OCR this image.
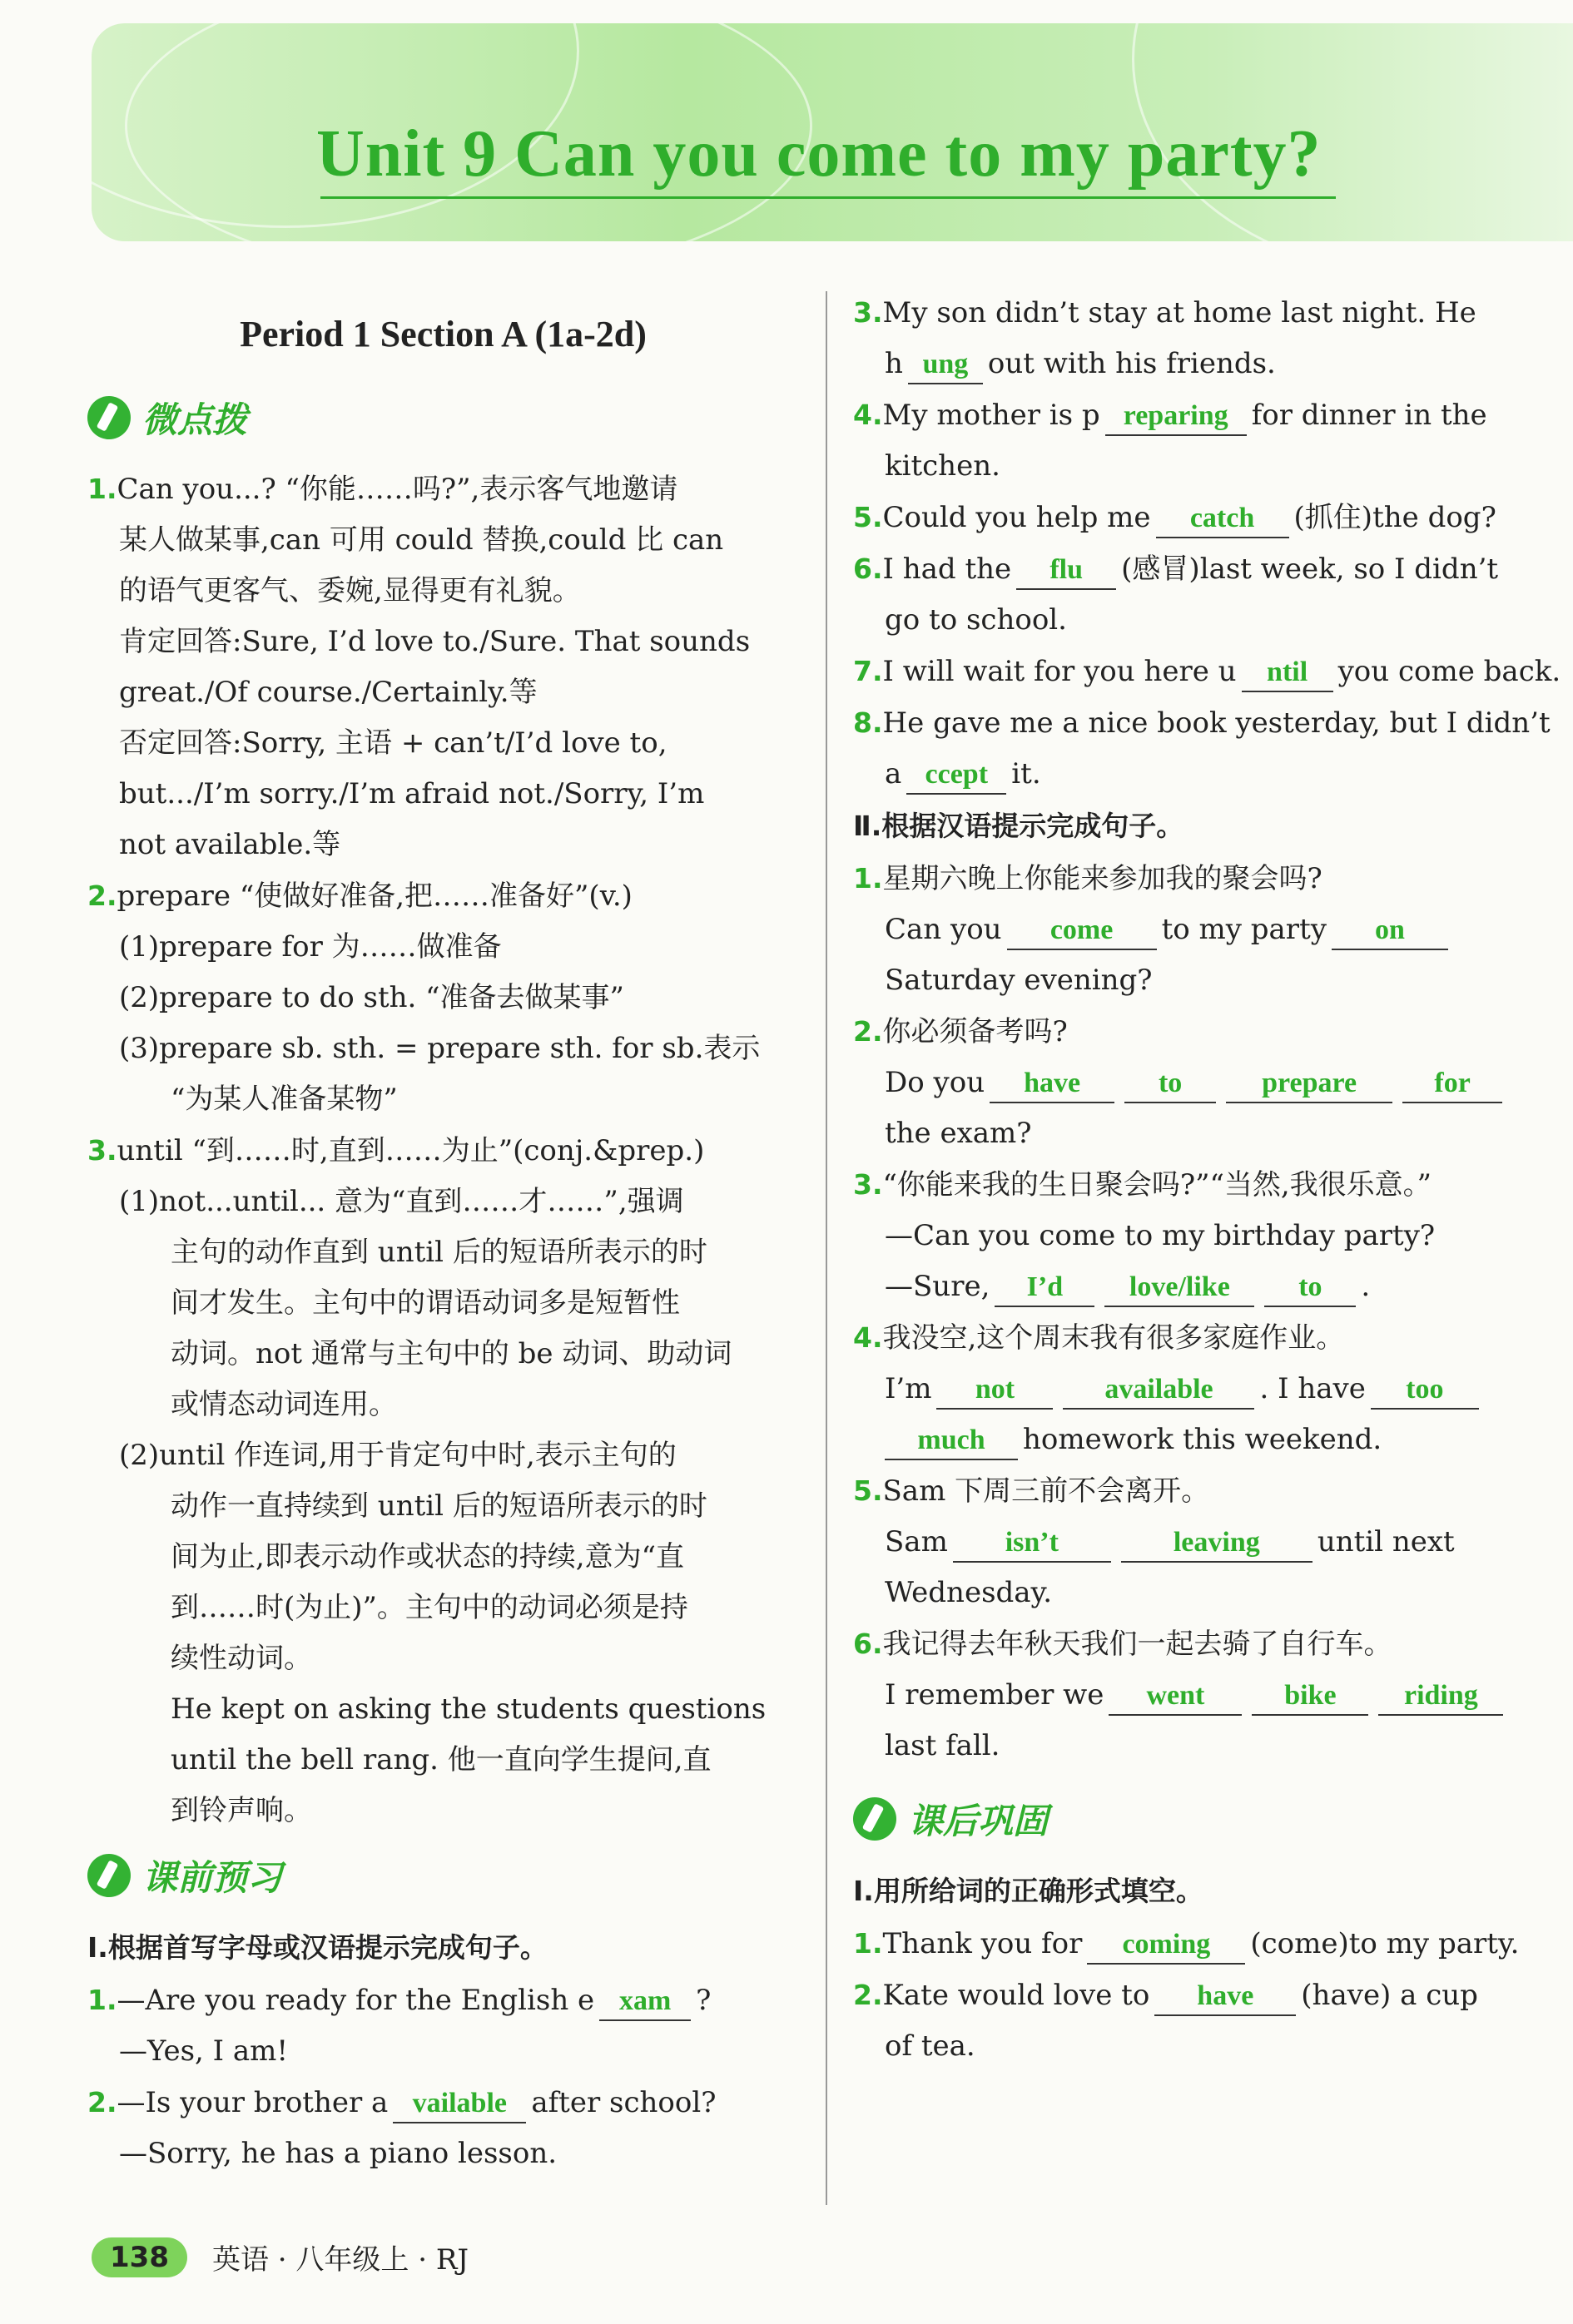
Unit 9 Can you come to my party?
Period 1 Section A (1a-2d)
微点拨
1.Can you...? “你能……吗?”,表示客气地邀请
某人做某事,can 可用 could 替换,could 比 can
的语气更客气、委婉,显得更有礼貌。
肯定回答:Sure, I’d love to./Sure. That sounds
great./Of course./Certainly.等
否定回答:Sorry, 主语 + can’t/I’d love to,
but.../I’m sorry./I’m afraid not./Sorry, I’m
not available.等
2.prepare “使做好准备,把……准备好”(v.)
(1)prepare for 为……做准备
(2)prepare to do sth. “准备去做某事”
(3)prepare sb. sth. = prepare sth. for sb.表示
“为某人准备某物”
3.until “到……时,直到……为止”(conj.&prep.)
(1)not...until... 意为“直到……才……”,强调
主句的动作直到 until 后的短语所表示的时
间才发生。主句中的谓语动词多是短暂性
动词。not 通常与主句中的 be 动词、助动词
或情态动词连用。
(2)until 作连词,用于肯定句中时,表示主句的
动作一直持续到 until 后的短语所表示的时
间为止,即表示动作或状态的持续,意为“直
到……时(为止)”。主句中的动词必须是持
续性动词。
He kept on asking the students questions
until the bell rang. 他一直向学生提问,直
到铃声响。
课前预习
Ⅰ.根据首写字母或汉语提示完成句子。
1.—Are you ready for the English e xam ?
—Yes, I am!
2.—Is your brother a vailable after school?
—Sorry, he has a piano lesson.
3.My son didn’t stay at home last night. He
h ung out with his friends.
4.My mother is p reparing for dinner in the
kitchen.
5.Could you help me catch (抓住)the dog?
6.I had the flu (感冒)last week, so I didn’t
go to school.
7.I will wait for you here u ntil you come back.
8.He gave me a nice book yesterday, but I didn’t
a ccept it.
Ⅱ.根据汉语提示完成句子。
1.星期六晚上你能来参加我的聚会吗?
Can you come to my party on
Saturday evening?
2.你必须备考吗?
Do you have	to	prepare	for
the exam?
3.“你能来我的生日聚会吗?”“当然,我很乐意。”
—Can you come to my birthday party?
—Sure, I’d love/like to .
4.我没空,这个周末我有很多家庭作业。
I’m not	available . I have too
much homework this weekend.
5.Sam 下周三前不会离开。
Sam isn’t	leaving until next
Wednesday.
6.我记得去年秋天我们一起去骑了自行车。
I remember we went	bike riding
last fall.
课后巩固
Ⅰ.用所给词的正确形式填空。
1.Thank you for coming (come)to my party.
2.Kate would love to have (have) a cup
of tea.
138	英语 · 八年级上 · RJ
